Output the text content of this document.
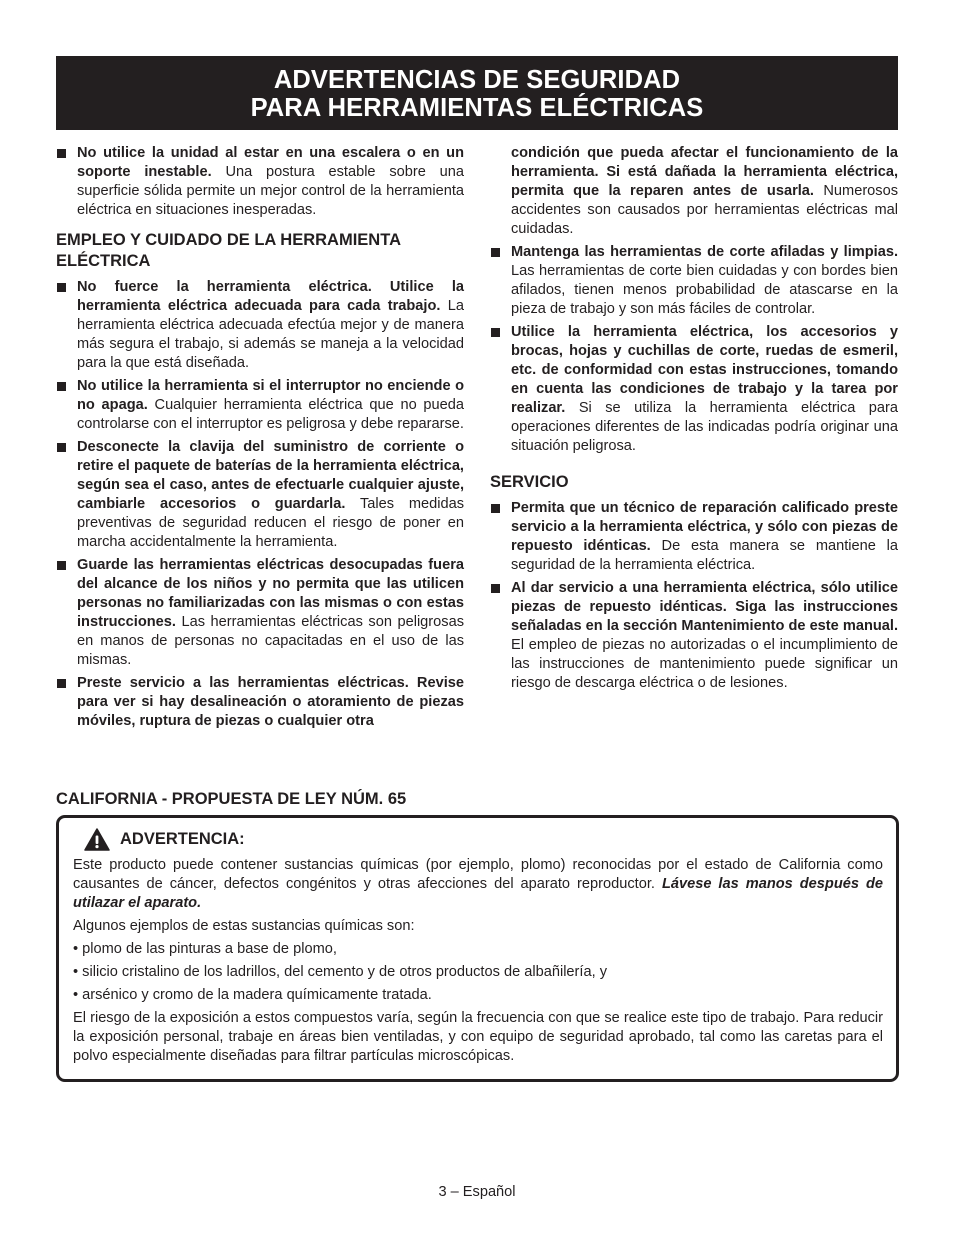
ADVERTENCIAS DE SEGURIDAD
PARA HERRAMIENTAS ELÉCTRICAS
No utilice la unidad al estar en una escalera o en un soporte inestable. Una postura estable sobre una superficie sólida permite un mejor control de la herramienta eléctrica en situaciones inesperadas.
EMPLEO Y CUIDADO DE LA HERRAMIENTA ELÉCTRICA
No fuerce la herramienta eléctrica. Utilice la herramienta eléctrica adecuada para cada trabajo. La herramienta eléctrica adecuada efectúa mejor y de manera más segura el trabajo, si además se maneja a la velocidad para la que está diseñada.
No utilice la herramienta si el interruptor no enciende o no apaga. Cualquier herramienta eléctrica que no pueda controlarse con el interruptor es peligrosa y debe repararse.
Desconecte la clavija del suministro de corriente o retire el paquete de baterías de la herramienta eléctrica, según sea el caso, antes de efectuarle cualquier ajuste, cambiarle accesorios o guardarla. Tales medidas preventivas de seguridad reducen el riesgo de poner en marcha accidentalmente la herramienta.
Guarde las herramientas eléctricas desocupadas fuera del alcance de los niños y no permita que las utilicen personas no familiarizadas con las mismas o con estas instrucciones. Las herramientas eléctricas son peligrosas en manos de personas no capacitadas en el uso de las mismas.
Preste servicio a las herramientas eléctricas. Revise para ver si hay desalineación o atoramiento de piezas móviles, ruptura de piezas o cualquier otra
condición que pueda afectar el funcionamiento de la herramienta. Si está dañada la herramienta eléctrica, permita que la reparen antes de usarla. Numerosos accidentes son causados por herramientas eléctricas mal cuidadas.
Mantenga las herramientas de corte afiladas y limpias. Las herramientas de corte bien cuidadas y con bordes bien afilados, tienen menos probabilidad de atascarse en la pieza de trabajo y son más fáciles de controlar.
Utilice la herramienta eléctrica, los accesorios y brocas, hojas y cuchillas de corte, ruedas de esmeril, etc. de conformidad con estas instrucciones, tomando en cuenta las condiciones de trabajo y la tarea por realizar. Si se utiliza la herramienta eléctrica para operaciones diferentes de las indicadas podría originar una situación peligrosa.
SERVICIO
Permita que un técnico de reparación calificado preste servicio a la herramienta eléctrica, y sólo con piezas de repuesto idénticas. De esta manera se mantiene la seguridad de la herramienta eléctrica.
Al dar servicio a una herramienta eléctrica, sólo utilice piezas de repuesto idénticas. Siga las instrucciones señaladas en la sección Mantenimiento de este manual. El empleo de piezas no autorizadas o el incumplimiento de las instrucciones de mantenimiento puede significar un riesgo de descarga eléctrica o de lesiones.
CALIFORNIA - PROPUESTA DE LEY NÚM. 65
ADVERTENCIA:

Este producto puede contener sustancias químicas (por ejemplo, plomo) reconocidas por el estado de California como causantes de cáncer, defectos congénitos y otras afecciones del aparato reproductor. Lávese las manos después de utilazar el aparato.

Algunos ejemplos de estas sustancias químicas son:

• plomo de las pinturas a base de plomo,

• silicio cristalino de los ladrillos, del cemento y de otros productos de albañilería, y

• arsénico y cromo de la madera químicamente tratada.

El riesgo de la exposición a estos compuestos varía, según la frecuencia con que se realice este tipo de trabajo. Para reducir la exposición personal, trabaje en áreas bien ventiladas, y con equipo de seguridad aprobado, tal como las caretas para el polvo especialmente diseñadas para filtrar partículas microscópicas.

3 – Español
